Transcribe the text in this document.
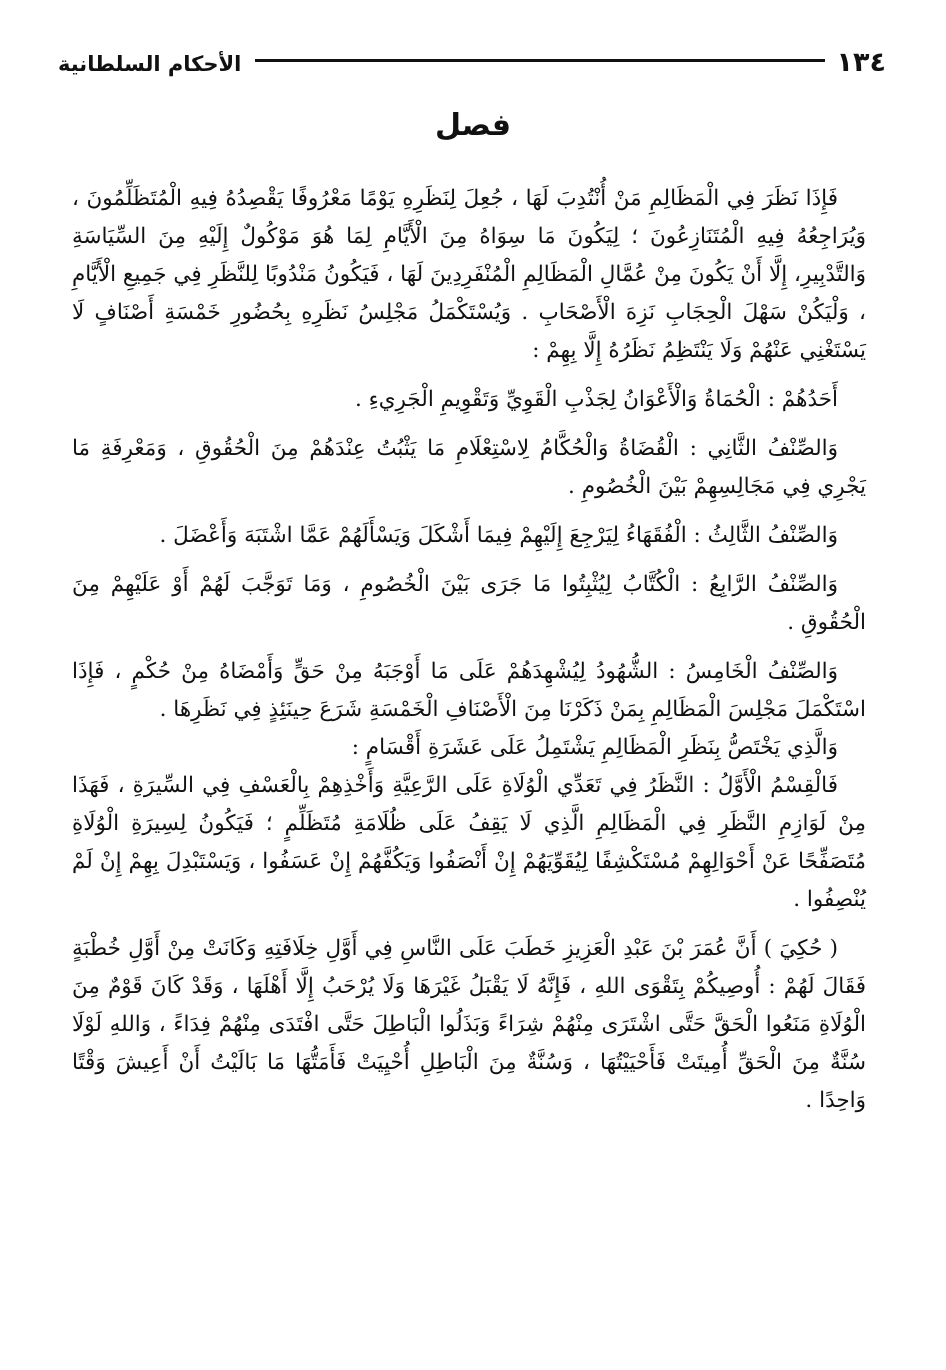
الأحكام السلطانية	١٣٤
فصل

فَإِذَا نَظَرَ فِي الْمَظَالِمِ مَنْ أُنْتُدِبَ لَهَا ، جُعِلَ لِنَظَرِهِ يَوْمًا مَعْرُوفًا يَقْصِدُهُ فِيهِ الْمُتَظَلِّمُونَ ، وَيُرَاجِعُهُ فِيهِ الْمُتَنَازِعُونَ ؛ لِيَكُونَ مَا سِوَاهُ مِنَ الْأَيَّامِ لِمَا هُوَ مَوْكُولٌ إِلَيْهِ مِنَ السِّيَاسَةِ وَالتَّدْبِيرِ، إِلَّا أَنْ يَكُونَ مِنْ عُمَّالِ الْمَظَالِمِ الْمُنْفَرِدِينَ لَهَا ، فَيَكُونُ مَنْدُوبًا لِلنَّظَرِ فِي جَمِيعِ الْأَيَّامِ ، وَلْيَكُنْ سَهْلَ الْحِجَابِ نَزِهَ الْأَصْحَابِ . وَيُسْتَكْمَلُ مَجْلِسُ نَظَرِهِ بِحُضُورِ خَمْسَةِ أَصْنَافٍ لَا يَسْتَغْنِي عَنْهُمْ وَلَا يَنْتَظِمُ نَظَرُهُ إِلَّا بِهِمْ :

أَحَدُهُمْ : الْحُمَاةُ وَالْأَعْوَانُ لِجَذْبِ الْقَوِيِّ وَتَقْوِيمِ الْجَرِيءِ .

وَالصِّنْفُ الثَّانِي : الْقُضَاةُ وَالْحُكَّامُ لِاسْتِعْلَامِ مَا يَثْبُتُ عِنْدَهُمْ مِنَ الْحُقُوقِ ، وَمَعْرِفَةِ مَا يَجْرِي فِي مَجَالِسِهِمْ بَيْنَ الْخُصُومِ .

وَالصِّنْفُ الثَّالِثُ : الْفُقَهَاءُ لِيَرْجِعَ إِلَيْهِمْ فِيمَا أَشْكَلَ وَيَسْأَلَهُمْ عَمَّا اشْتَبَهَ وَأَعْضَلَ .

وَالصِّنْفُ الرَّابِعُ : الْكُتَّابُ لِيُثْبِتُوا مَا جَرَى بَيْنَ الْخُصُومِ ، وَمَا تَوَجَّبَ لَهُمْ أَوْ عَلَيْهِمْ مِنَ الْحُقُوقِ .

وَالصِّنْفُ الْخَامِسُ : الشُّهُودُ لِيُشْهِدَهُمْ عَلَى مَا أَوْجَبَهُ مِنْ حَقٍّ وَأَمْضَاهُ مِنْ حُكْمٍ ، فَإِذَا اسْتَكْمَلَ مَجْلِسَ الْمَظَالِمِ بِمَنْ ذَكَرْنَا مِنَ الْأَصْنَافِ الْخَمْسَةِ شَرَعَ حِينَئِذٍ فِي نَظَرِهَا .

وَالَّذِي يَخْتَصُّ بِنَظَرِ الْمَظَالِمِ يَشْتَمِلُ عَلَى عَشَرَةِ أَقْسَامٍ :

فَالْقِسْمُ الْأَوَّلُ : النَّظَرُ فِي تَعَدِّي الْوُلَاةِ عَلَى الرَّعِيَّةِ وَأَخْذِهِمْ بِالْعَسْفِ فِي السِّيرَةِ ، فَهَذَا مِنْ لَوَازِمِ النَّظَرِ فِي الْمَظَالِمِ الَّذِي لَا يَقِفُ عَلَى ظُلَامَةِ مُتَظَلِّمٍ ؛ فَيَكُونُ لِسِيرَةِ الْوُلَاةِ مُتَصَفِّحًا عَنْ أَحْوَالِهِمْ مُسْتَكْشِفًا لِيُقَوِّيَهُمْ إِنْ أَنْصَفُوا وَيَكُفَّهُمْ إِنْ عَسَفُوا ، وَيَسْتَبْدِلَ بِهِمْ إِنْ لَمْ يُنْصِفُوا .

( حُكِيَ ) أَنَّ عُمَرَ بْنَ عَبْدِ الْعَزِيزِ خَطَبَ عَلَى النَّاسِ فِي أَوَّلِ خِلَافَتِهِ وَكَانَتْ مِنْ أَوَّلِ خُطْبَةٍ فَقَالَ لَهُمْ : أُوصِيكُمْ بِتَقْوَى اللهِ ، فَإِنَّهُ لَا يَقْبَلُ غَيْرَهَا وَلَا يُرْحَبُ إِلَّا أَهْلَهَا ، وَقَدْ كَانَ قَوْمٌ مِنَ الْوُلَاةِ مَنَعُوا الْحَقَّ حَتَّى اشْتَرَى مِنْهُمْ شِرَاءً وَبَذَلُوا الْبَاطِلَ حَتَّى افْتَدَى مِنْهُمْ فِدَاءً ، وَاللهِ لَوْلَا سُنَّةٌ مِنَ الْحَقِّ أُمِيتَتْ فَأَحْيَيْتُهَا ، وَسُنَّةٌ مِنَ الْبَاطِلِ أُحْيِيَتْ فَأَمَتُّهَا مَا بَالَيْتُ أَنْ أَعِيشَ وَقْتًا وَاحِدًا .
